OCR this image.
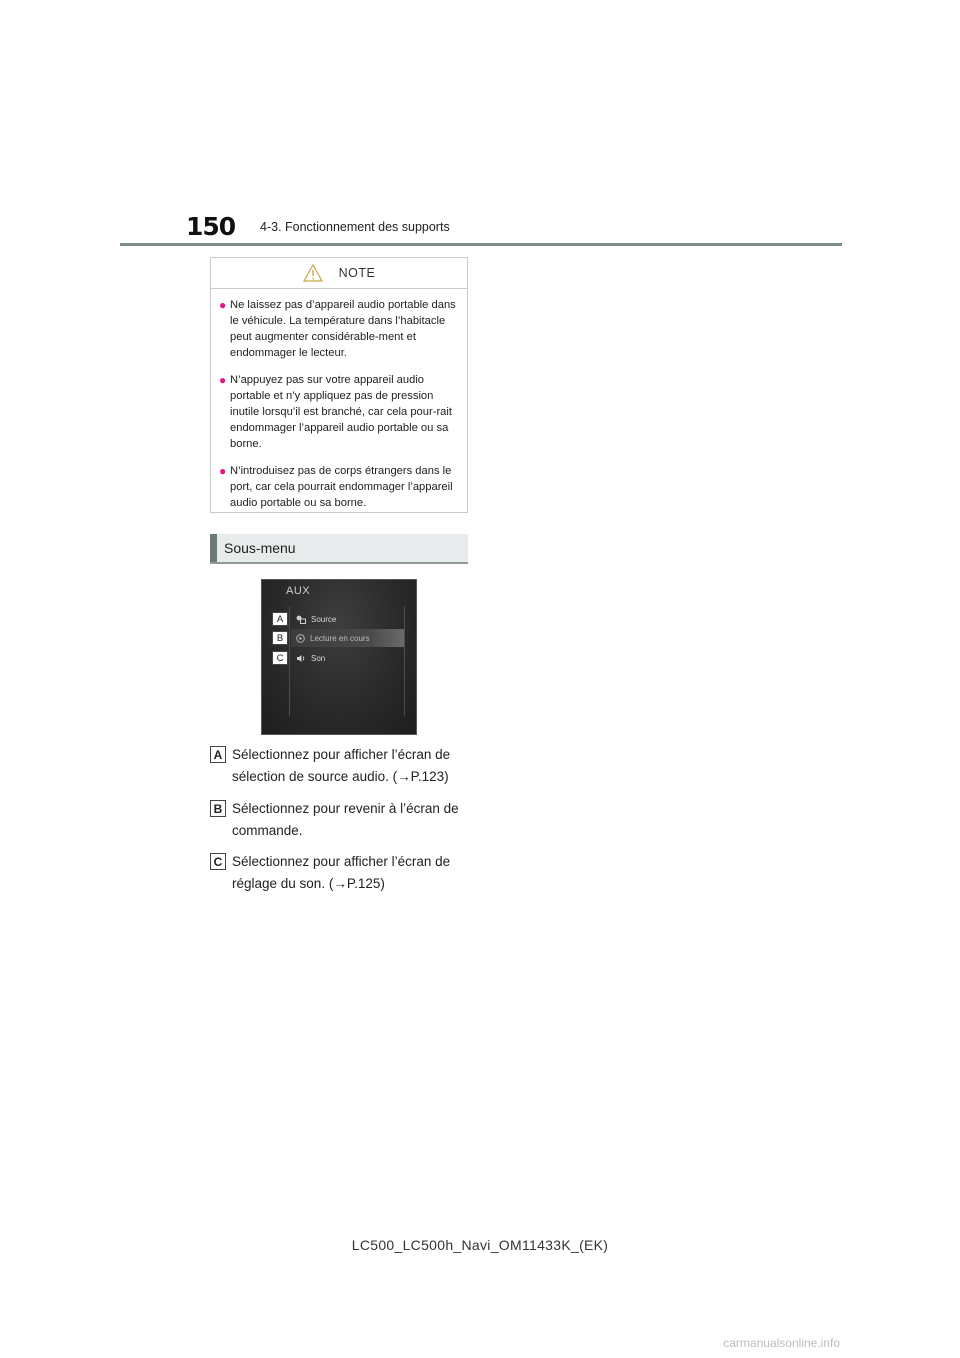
150 4-3. Fonctionnement des supports
NOTE
● Ne laissez pas d’appareil audio portable dans le véhicule. La température dans l’habitacle peut augmenter considérable-ment et endommager le lecteur.
● N’appuyez pas sur votre appareil audio portable et n’y appliquez pas de pression inutile lorsqu’il est branché, car cela pour-rait endommager l’appareil audio portable ou sa borne.
● N’introduisez pas de corps étrangers dans le port, car cela pourrait endommager l’appareil audio portable ou sa borne.
Sous-menu
AUX
A
B
C
Source
Lecture en cours
Son
A Sélectionnez pour afficher l’écran de
sélection de source audio. (→P.123)
B Sélectionnez pour revenir à l’écran de
commande.
C Sélectionnez pour afficher l’écran de
réglage du son. (→P.125)
LC500_LC500h_Navi_OM11433K_(EK)
carmanualsonline.info
